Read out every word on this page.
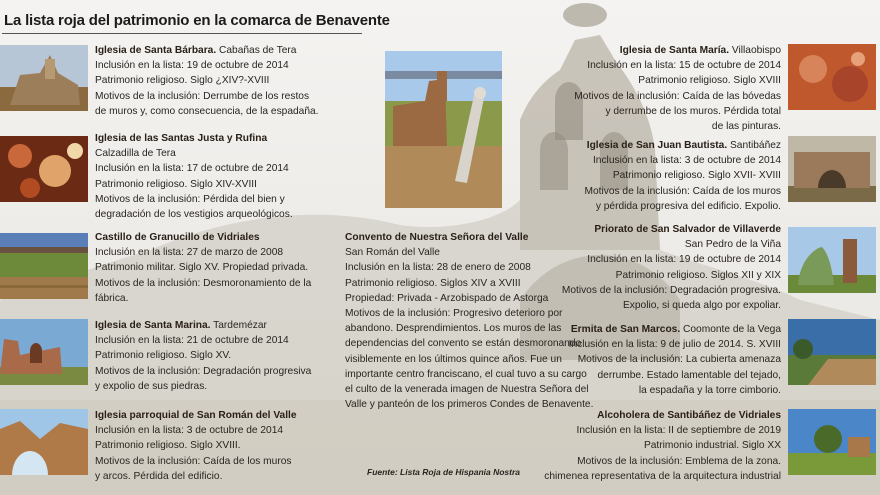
La lista roja del patrimonio en la comarca de Benavente
Iglesia de Santa Bárbara. Cabañas de Tera
Inclusión en la lista: 19 de octubre de 2014
Patrimonio religioso. Siglo ¿XIV?-XVIII
Motivos de la inclusión: Derrumbe de los restos
de muros y, como consecuencia, de la espadaña.
Iglesia de las Santas Justa y Rufina
Calzadilla de Tera
Inclusión en la lista: 17 de octubre de 2014
Patrimonio religioso. Siglo XIV-XVIII
Motivos de la inclusión: Pérdida del bien y
degradación de los vestigios arqueológicos.
Castillo de Granucillo de Vidriales
Inclusión en la lista: 27 de marzo de 2008
Patrimonio militar. Siglo XV. Propiedad privada.
Motivos de la inclusión: Desmoronamiento de la
fábrica.
Iglesia de Santa Marina. Tardemézar
Inclusión en la lista: 21 de octubre de 2014
Patrimonio religioso. Siglo XV.
Motivos de la inclusión: Degradación progresiva
y expolio de sus piedras.
Iglesia parroquial de San Román del Valle
Inclusión en la lista: 3 de octubre de 2014
Patrimonio religioso. Siglo XVIII.
Motivos de la inclusión: Caída de los muros
y arcos. Pérdida del edificio.
Convento de Nuestra Señora del Valle
San Román del Valle
Inclusión en la lista: 28 de enero de 2008
Patrimonio religioso. Siglos XIV a XVIII
Propiedad: Privada - Arzobispado de Astorga
Motivos de la inclusión: Progresivo deterioro por
abandono. Desprendimientos. Los muros de las
dependencias del convento se están desmoronando
visiblemente en los últimos quince años. Fue un
importante centro franciscano, el cual tuvo a su cargo
el culto de la venerada imagen de Nuestra Señora del
Valle y panteón de los primeros Condes de Benavente.
Iglesia de Santa María. Villaobispo
Inclusión en la lista: 15 de octubre de 2014
Patrimonio religioso. Siglo XVIII
Motivos de la inclusión: Caída de las bóvedas
y derrumbe de los muros. Pérdida total
de las pinturas.
Iglesia de San Juan Bautista. Santibáñez
Inclusión en la lista: 3 de octubre de 2014
Patrimonio religioso. Siglo XVII- XVIII
Motivos de la inclusión: Caída de los muros
y pérdida progresiva del edificio. Expolio.
Priorato de San Salvador de Villaverde
San Pedro de la Viña
Inclusión en la lista: 19 de octubre de 2014
Patrimonio religioso. Siglos XII y XIX
Motivos de la inclusión: Degradación progresiva.
Expolio, si queda algo por expoliar.
Ermita de San Marcos. Coomonte de la Vega
Inclusión en la lista: 9 de julio de 2014. S. XVIII
Motivos de la inclusión: La cubierta amenaza
derrumbe. Estado lamentable del tejado,
la espadaña y la torre cimborio.
Alcoholera de Santibáñez de Vidriales
Inclusión en la lista: II de septiembre de 2019
Patrimonio industrial. Siglo XX
Motivos de la inclusión: Emblema de la zona.
chimenea representativa de la arquitectura industrial
Fuente: Lista Roja de Hispania Nostra
